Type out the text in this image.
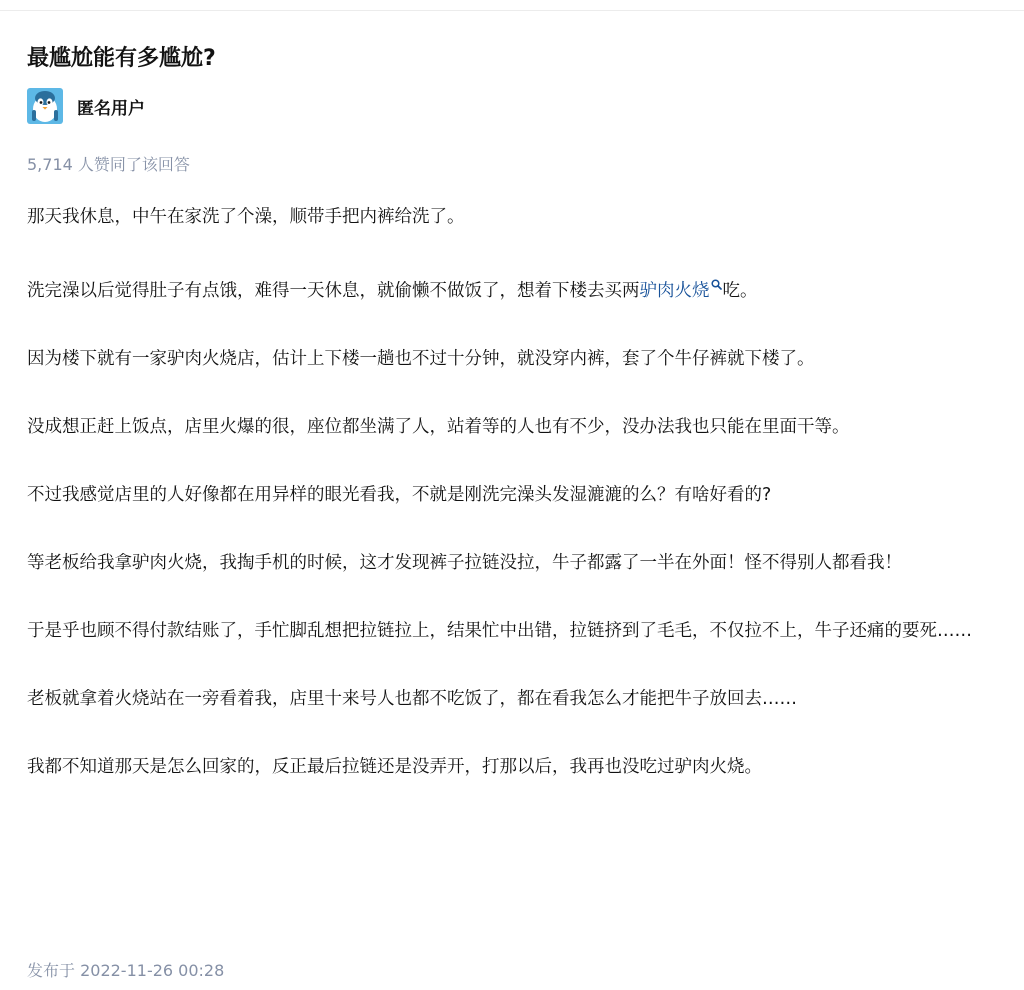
最尴尬能有多尴尬?
匿名用户
5,714 人赞同了该回答

那天我休息，中午在家洗了个澡，顺带手把内裤给洗了。

洗完澡以后觉得肚子有点饿，难得一天休息，就偷懒不做饭了，想着下楼去买两驴肉火烧 吃。

因为楼下就有一家驴肉火烧店，估计上下楼一趟也不过十分钟，就没穿内裤，套了个牛仔裤就下楼了。

没成想正赶上饭点，店里火爆的很，座位都坐满了人，站着等的人也有不少，没办法我也只能在里面干等。

不过我感觉店里的人好像都在用异样的眼光看我，不就是刚洗完澡头发湿漉漉的么？有啥好看的?

等老板给我拿驴肉火烧，我掏手机的时候，这才发现裤子拉链没拉，牛子都露了一半在外面！怪不得别人都看我！

于是乎也顾不得付款结账了，手忙脚乱想把拉链拉上，结果忙中出错，拉链挤到了毛毛，不仅拉不上，牛子还痛的要死……

老板就拿着火烧站在一旁看着我，店里十来号人也都不吃饭了，都在看我怎么才能把牛子放回去……

我都不知道那天是怎么回家的，反正最后拉链还是没弄开，打那以后，我再也没吃过驴肉火烧。

发布于 2022-11-26 00:28
